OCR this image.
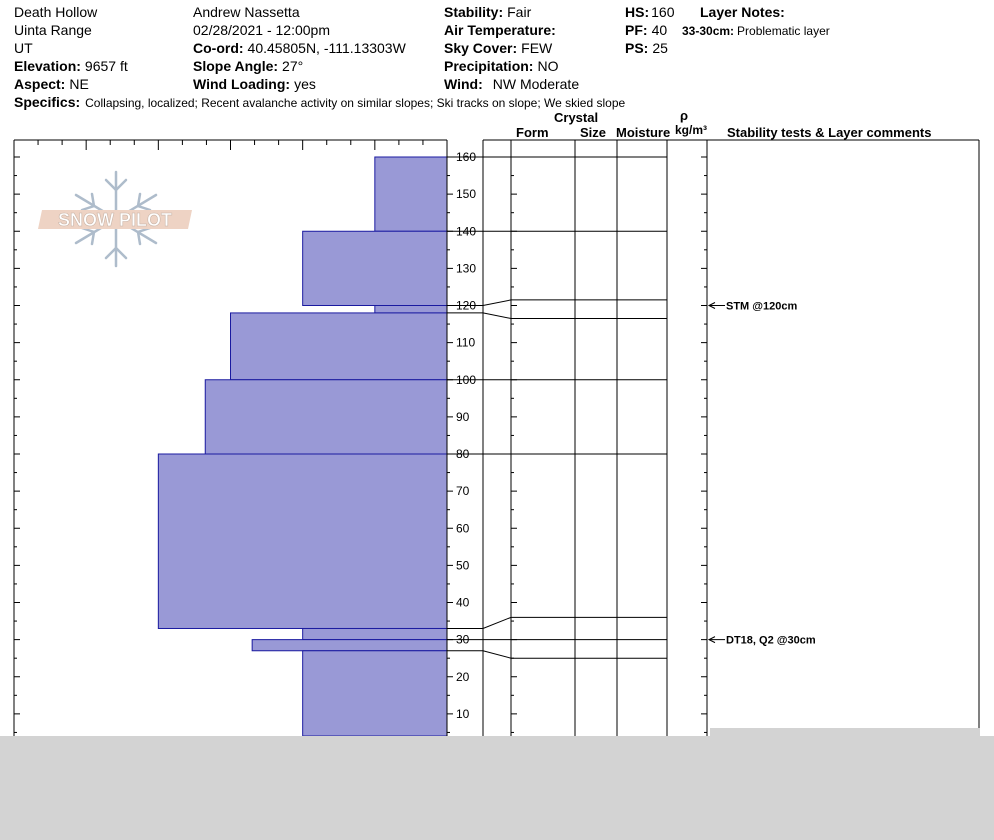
Death Hollow
Uinta Range
UT
Elevation: 9657 ft
Aspect: NE
Andrew Nassetta
02/28/2021 - 12:00pm
Co-ord: 40.45805N, -111.13303W
Slope Angle: 27°
Wind Loading: yes
Stability: Fair
Air Temperature:
Sky Cover: FEW
Precipitation: NO
Wind: NW Moderate
HS: 160
PF: 40
PS: 25
Layer Notes:
33-30cm: Problematic layer
Specifics: Collapsing, localized; Recent avalanche activity on similar slopes; Ski tracks on slope; We skied slope
Crystal
Form Size Moisture
ρ
kg/m³ Stability tests & Layer comments
SNOW PILOT
10
20
30
40
50
60
70
80
90
100
110
120
130
140
150
160
STM @120cm
DT18, Q2 @30cm
